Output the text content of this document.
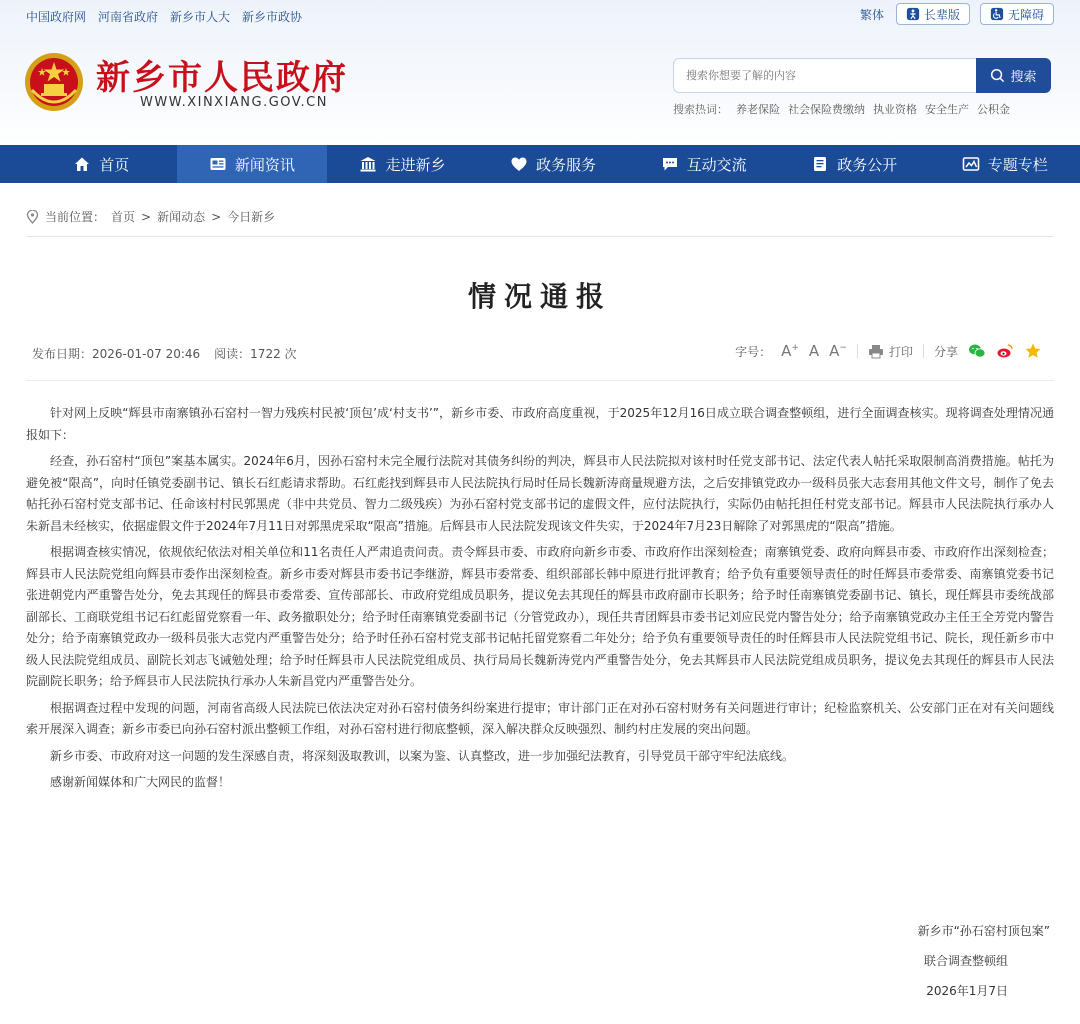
中国政府网 河南省政府 新乡市人大 新乡市政协	繁体	长辈版	无障碍
新乡市人民政府
WWW.XINXIANG.GOV.CN
搜索你想要了解的内容
搜索
搜索热词： 养老保险 社会保险费缴纳 执业资格 安全生产 公积金
首页	新闻资讯	走进新乡	政务服务	互动交流	政务公开	专题专栏
当前位置： 首页 > 新闻动态 > 今日新乡
情况通报
发布日期：2026-01-07 20:46 阅读：1722 次	字号： A+ A A−	打印 分享

针对网上反映“辉县市南寨镇孙石窑村一智力残疾村民被‘顶包’成‘村支书’”，新乡市委、市政府高度重视，于2025年12月16日成立联合调查整顿组，进行全面调查核实。现将调查处理情况通报如下：

经查，孙石窑村“顶包”案基本属实。2024年6月，因孙石窑村未完全履行法院对其债务纠纷的判决，辉县市人民法院拟对该村时任党支部书记、法定代表人帖托采取限制高消费措施。帖托为避免被“限高”，向时任镇党委副书记、镇长石红彪请求帮助。石红彪找到辉县市人民法院执行局时任局长魏新涛商量规避方法，之后安排镇党政办一级科员张大志套用其他文件文号，制作了免去帖托孙石窑村党支部书记、任命该村村民郭黑虎（非中共党员、智力二级残疾）为孙石窑村党支部书记的虚假文件，应付法院执行，实际仍由帖托担任村党支部书记。辉县市人民法院执行承办人朱新昌未经核实，依据虚假文件于2024年7月11日对郭黑虎采取“限高”措施。后辉县市人民法院发现该文件失实，于2024年7月23日解除了对郭黑虎的“限高”措施。

根据调查核实情况，依规依纪依法对相关单位和11名责任人严肃追责问责。责令辉县市委、市政府向新乡市委、市政府作出深刻检查；南寨镇党委、政府向辉县市委、市政府作出深刻检查；辉县市人民法院党组向辉县市委作出深刻检查。新乡市委对辉县市委书记李继游，辉县市委常委、组织部部长韩中原进行批评教育；给予负有重要领导责任的时任辉县市委常委、南寨镇党委书记张进朝党内严重警告处分，免去其现任的辉县市委常委、宣传部部长、市政府党组成员职务，提议免去其现任的辉县市政府副市长职务；给予时任南寨镇党委副书记、镇长，现任辉县市委统战部副部长、工商联党组书记石红彪留党察看一年、政务撤职处分；给予时任南寨镇党委副书记（分管党政办），现任共青团辉县市委书记刘应民党内警告处分；给予南寨镇党政办主任王全芳党内警告处分；给予南寨镇党政办一级科员张大志党内严重警告处分；给予时任孙石窑村党支部书记帖托留党察看二年处分；给予负有重要领导责任的时任辉县市人民法院党组书记、院长，现任新乡市中级人民法院党组成员、副院长刘志飞诫勉处理；给予时任辉县市人民法院党组成员、执行局局长魏新涛党内严重警告处分，免去其辉县市人民法院党组成员职务，提议免去其现任的辉县市人民法院副院长职务；给予辉县市人民法院执行承办人朱新昌党内严重警告处分。

根据调查过程中发现的问题，河南省高级人民法院已依法决定对孙石窑村债务纠纷案进行提审；审计部门正在对孙石窑村财务有关问题进行审计；纪检监察机关、公安部门正在对有关问题线索开展深入调查；新乡市委已向孙石窑村派出整顿工作组，对孙石窑村进行彻底整顿，深入解决群众反映强烈、制约村庄发展的突出问题。

新乡市委、市政府对这一问题的发生深感自责，将深刻汲取教训，以案为鉴、认真整改，进一步加强纪法教育，引导党员干部守牢纪法底线。

感谢新闻媒体和广大网民的监督！

新乡市“孙石窑村顶包案”
联合调查整顿组
2026年1月7日
